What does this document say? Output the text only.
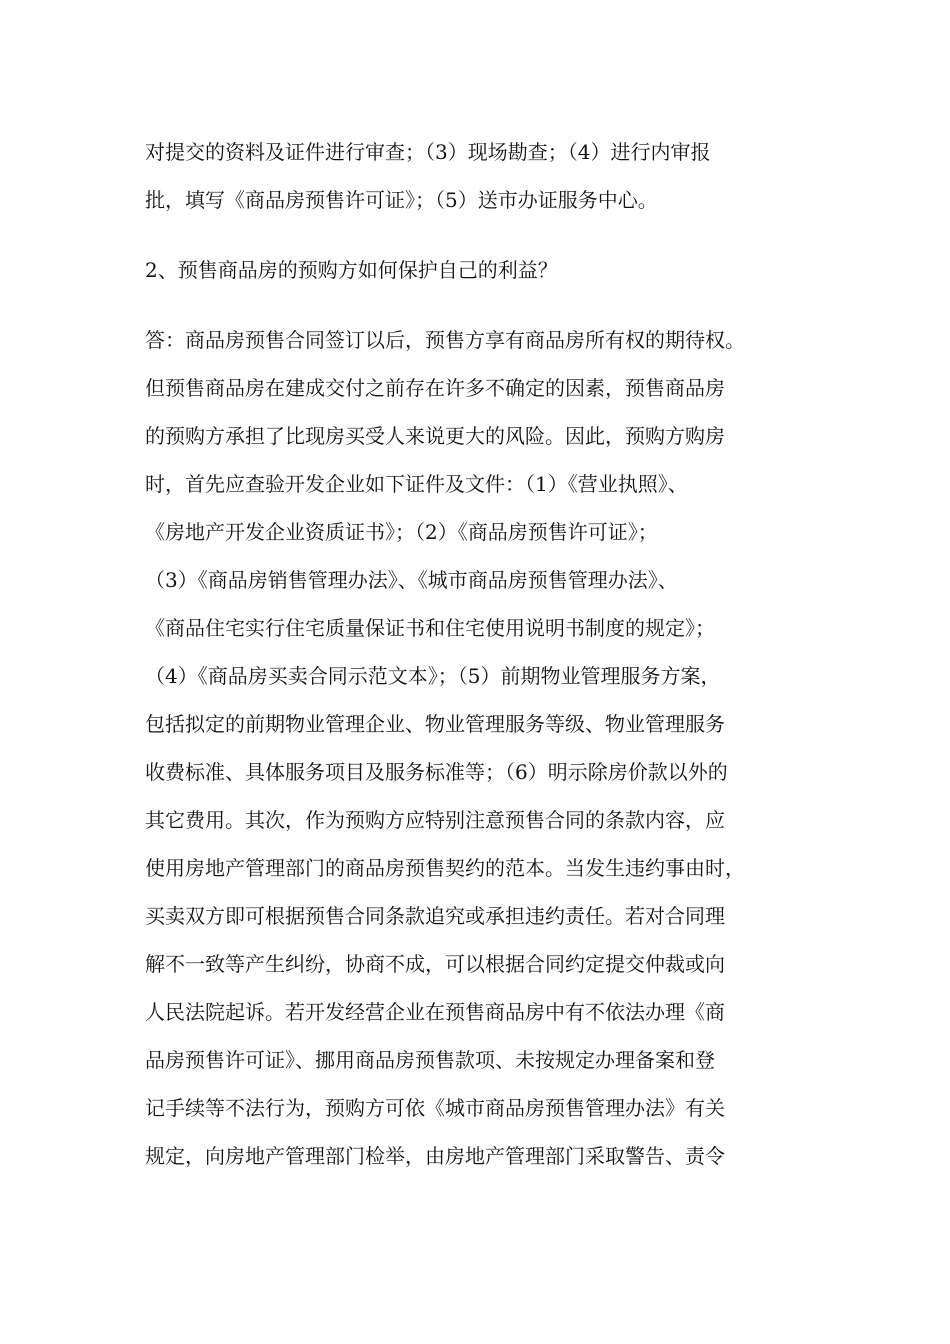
对提交的资料及证件进行审查；（3）现场勘查；（4）进行内审报
批，填写《商品房预售许可证》；（5）送市办证服务中心。
2、预售商品房的预购方如何保护自己的利益？
答：商品房预售合同签订以后，预售方享有商品房所有权的期待权。
但预售商品房在建成交付之前存在许多不确定的因素，预售商品房
的预购方承担了比现房买受人来说更大的风险。因此，预购方购房
时，首先应查验开发企业如下证件及文件：（1）《营业执照》、
《房地产开发企业资质证书》；（2）《商品房预售许可证》；
（3）《商品房销售管理办法》、《城市商品房预售管理办法》、
《商品住宅实行住宅质量保证书和住宅使用说明书制度的规定》；
（4）《商品房买卖合同示范文本》；（5）前期物业管理服务方案，
包括拟定的前期物业管理企业、物业管理服务等级、物业管理服务
收费标准、具体服务项目及服务标准等；（6）明示除房价款以外的
其它费用。其次，作为预购方应特别注意预售合同的条款内容，应
使用房地产管理部门的商品房预售契约的范本。当发生违约事由时，
买卖双方即可根据预售合同条款追究或承担违约责任。若对合同理
解不一致等产生纠纷，协商不成，可以根据合同约定提交仲裁或向
人民法院起诉。若开发经营企业在预售商品房中有不依法办理《商
品房预售许可证》、挪用商品房预售款项、未按规定办理备案和登
记手续等不法行为，预购方可依《城市商品房预售管理办法》有关
规定，向房地产管理部门检举，由房地产管理部门采取警告、责令
